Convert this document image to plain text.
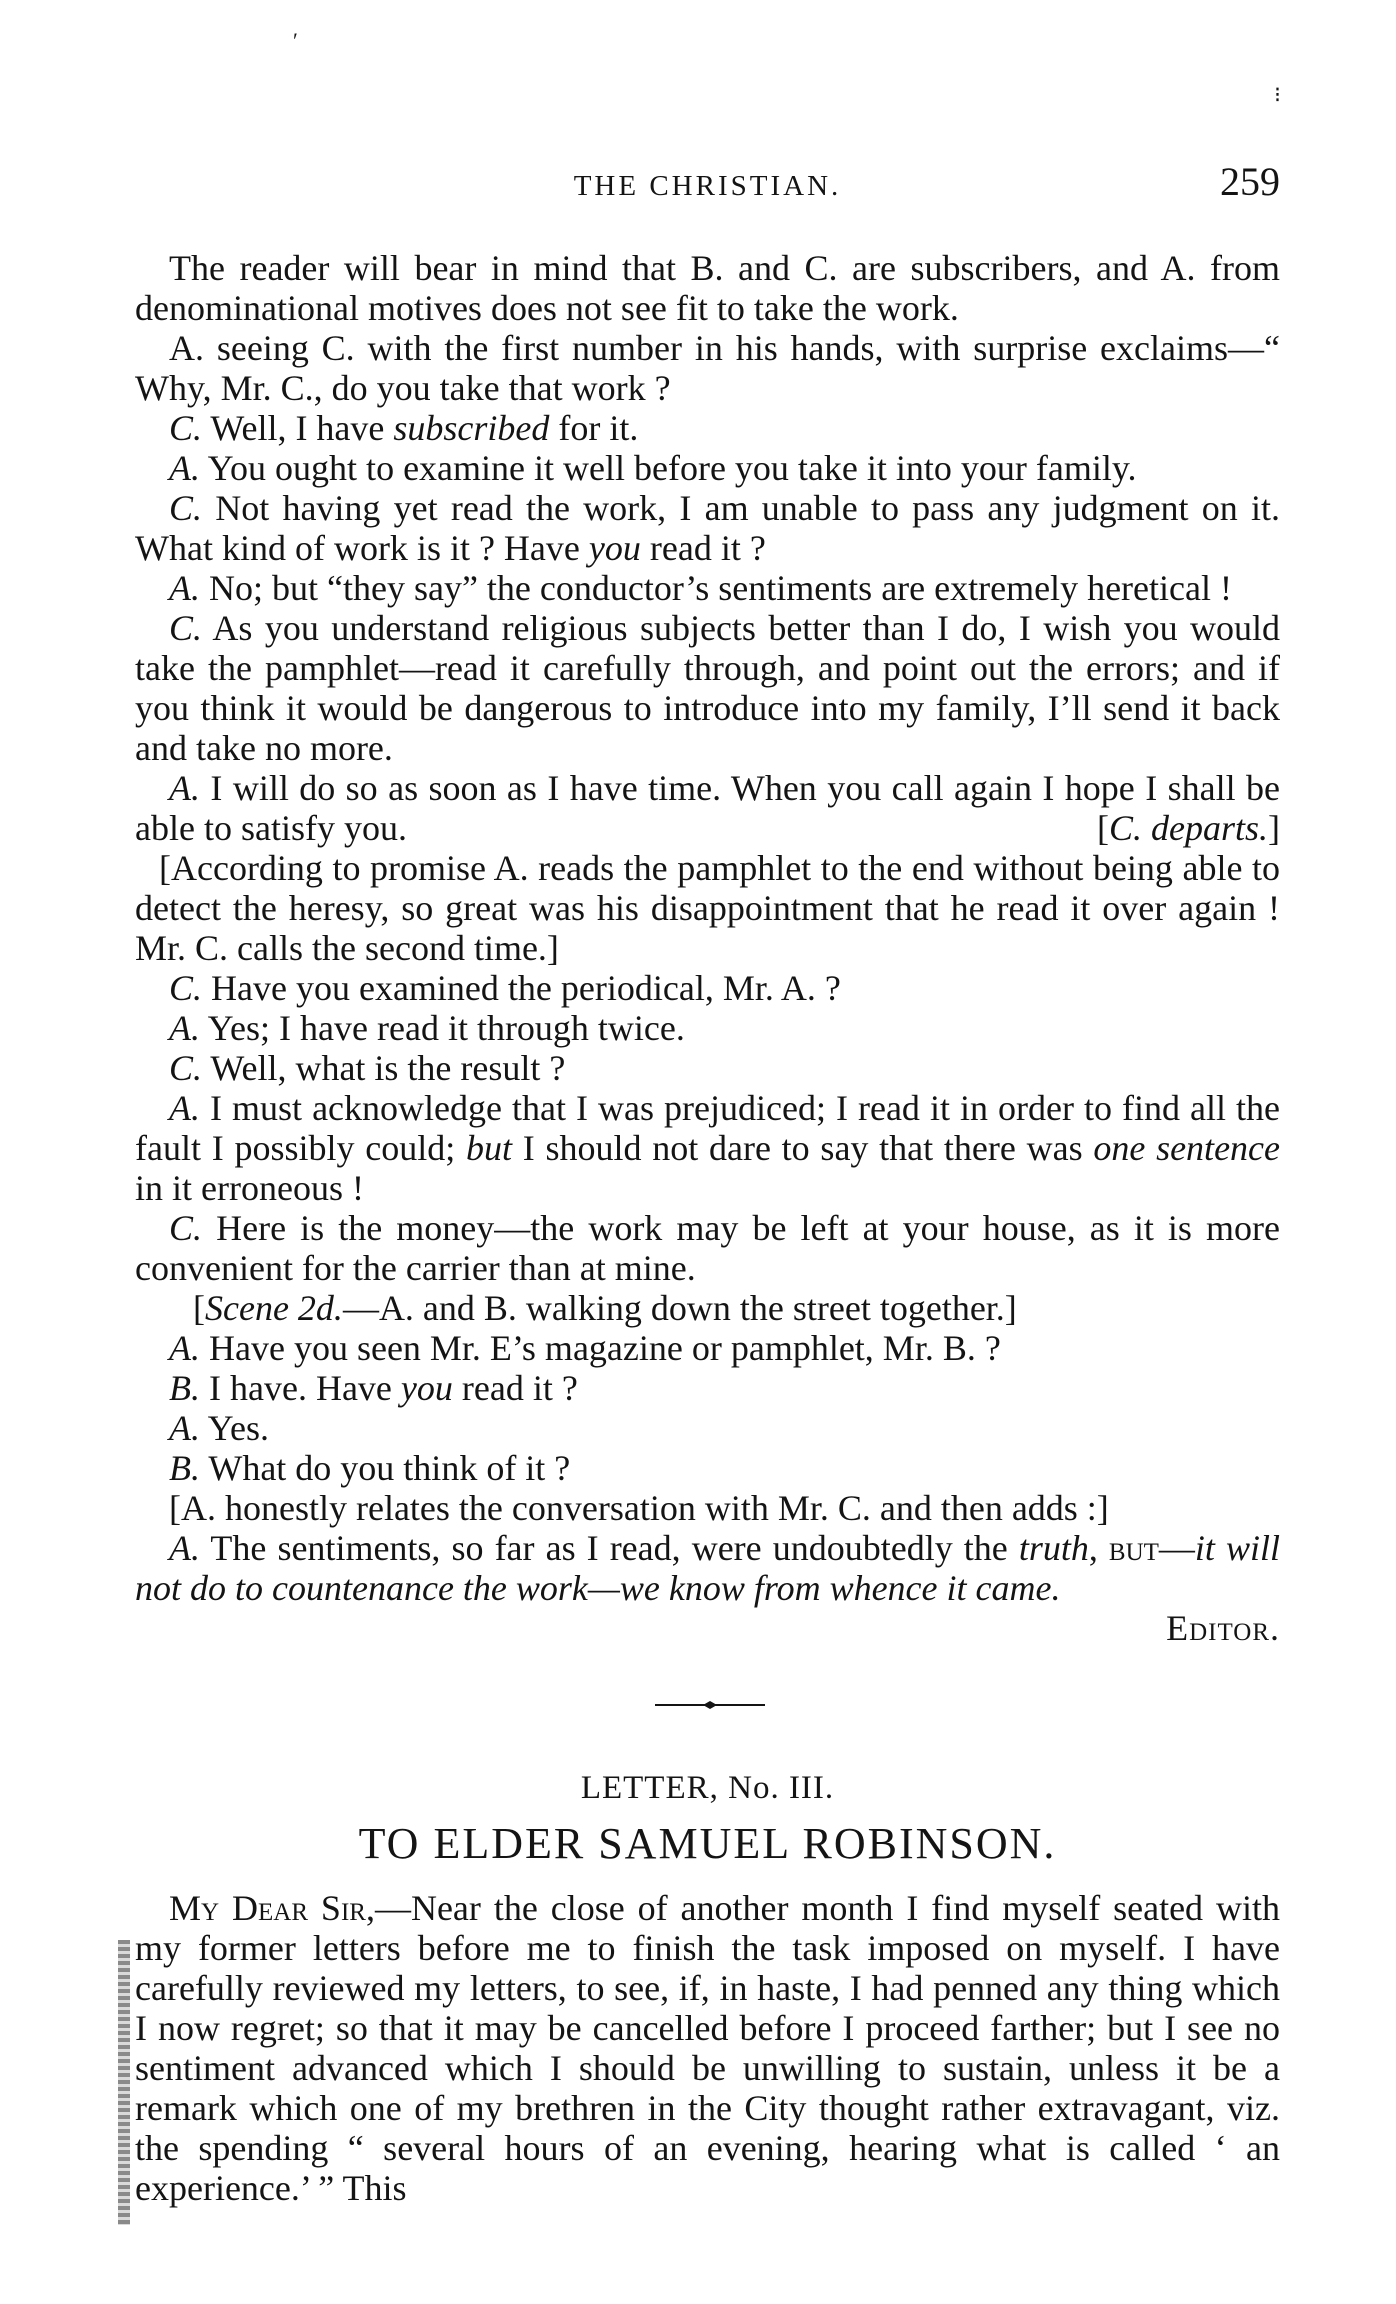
′
⁝
THE CHRISTIAN.	259

The reader will bear in mind that B. and C. are subscribers, and A. from denominational motives does not see fit to take the work.

A. seeing C. with the first number in his hands, with surprise exclaims—“ Why, Mr. C., do you take that work ?

C. Well, I have subscribed for it.

A. You ought to examine it well before you take it into your family.

C. Not having yet read the work, I am unable to pass any judgment on it. What kind of work is it ? Have you read it ?

A. No; but “they say” the conductor’s sentiments are extremely heretical !

C. As you understand religious subjects better than I do, I wish you would take the pamphlet—read it carefully through, and point out the errors; and if you think it would be dangerous to introduce into my family, I’ll send it back and take no more.

A. I will do so as soon as I have time. When you call again I hope I shall be able to satisfy you.	[C. departs.]

[According to promise A. reads the pamphlet to the end without being able to detect the heresy, so great was his disappointment that he read it over again ! Mr. C. calls the second time.]

C. Have you examined the periodical, Mr. A. ?

A. Yes; I have read it through twice.

C. Well, what is the result ?

A. I must acknowledge that I was prejudiced; I read it in order to find all the fault I possibly could; but I should not dare to say that there was one sentence in it erroneous !

C. Here is the money—the work may be left at your house, as it is more convenient for the carrier than at mine.

[Scene 2d.—A. and B. walking down the street together.]

A. Have you seen Mr. E’s magazine or pamphlet, Mr. B. ?

B. I have. Have you read it ?

A. Yes.

B. What do you think of it ?

[A. honestly relates the conversation with Mr. C. and then adds :]

A. The sentiments, so far as I read, were undoubtedly the truth, but—it will not do to countenance the work—we know from whence it came.

Editor.

LETTER, No. III.
TO ELDER SAMUEL ROBINSON.

My Dear Sir,—Near the close of another month I find myself seated with my former letters before me to finish the task imposed on myself. I have carefully reviewed my letters, to see, if, in haste, I had penned any thing which I now regret; so that it may be cancelled before I proceed farther; but I see no sentiment advanced which I should be unwilling to sustain, unless it be a remark which one of my brethren in the City thought rather extravagant, viz. the spending “ several hours of an evening, hearing what is called ‘ an experience.’ ” This
